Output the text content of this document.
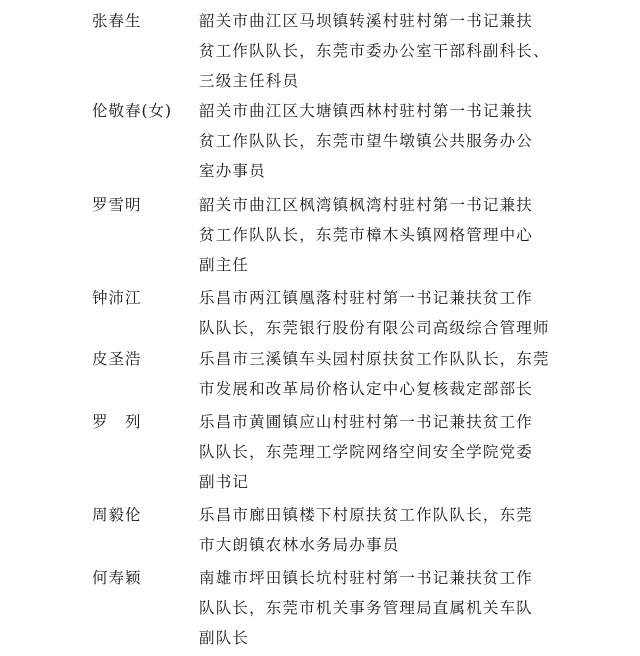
张春生	韶关市曲江区马坝镇转溪村驻村第一书记兼扶
贫工作队队长，东莞市委办公室干部科副科长、
三级主任科员
伦敬春(女)	韶关市曲江区大塘镇西林村驻村第一书记兼扶
贫工作队队长，东莞市望牛墩镇公共服务办公
室办事员
罗雪明	韶关市曲江区枫湾镇枫湾村驻村第一书记兼扶
贫工作队队长，东莞市樟木头镇网格管理中心
副主任
钟沛江	乐昌市两江镇凰落村驻村第一书记兼扶贫工作
队队长，东莞银行股份有限公司高级综合管理师
皮圣浩	乐昌市三溪镇车头园村原扶贫工作队队长，东莞
市发展和改革局价格认定中心复核裁定部部长
罗　列	乐昌市黄圃镇应山村驻村第一书记兼扶贫工作
队队长，东莞理工学院网络空间安全学院党委
副书记
周毅伦	乐昌市廊田镇楼下村原扶贫工作队队长，东莞
市大朗镇农林水务局办事员
何寿颖	南雄市坪田镇长坑村驻村第一书记兼扶贫工作
队队长，东莞市机关事务管理局直属机关车队
副队长
